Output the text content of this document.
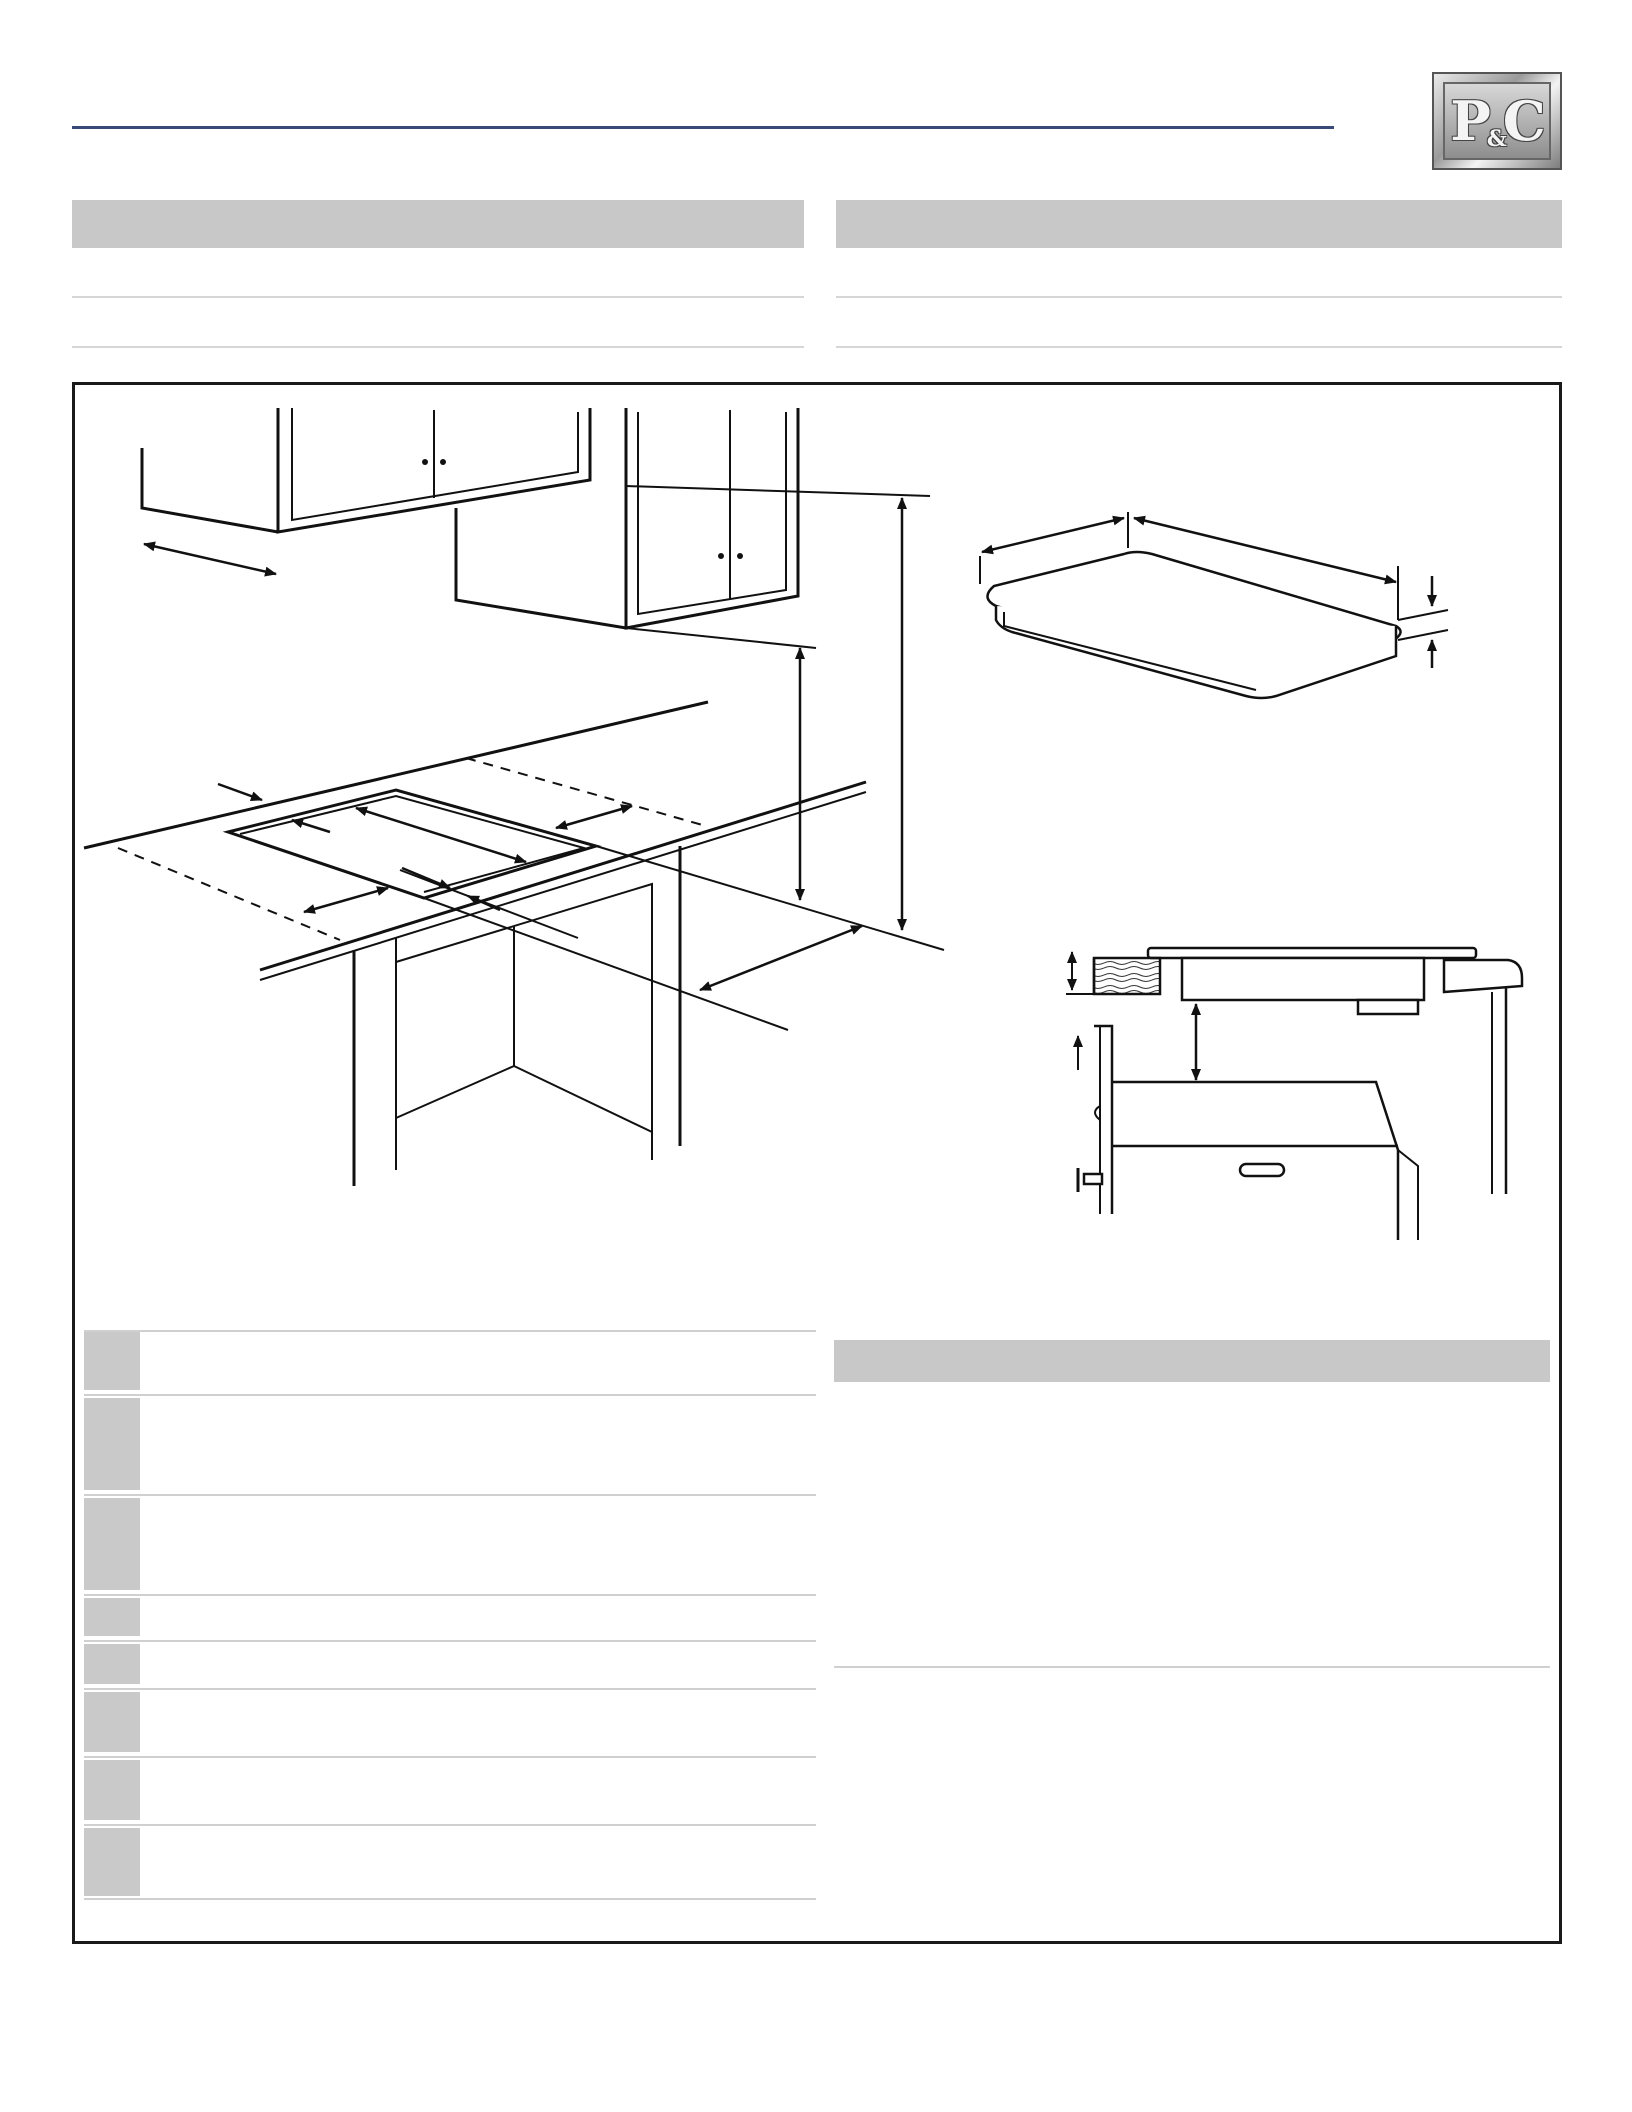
P
&
C
